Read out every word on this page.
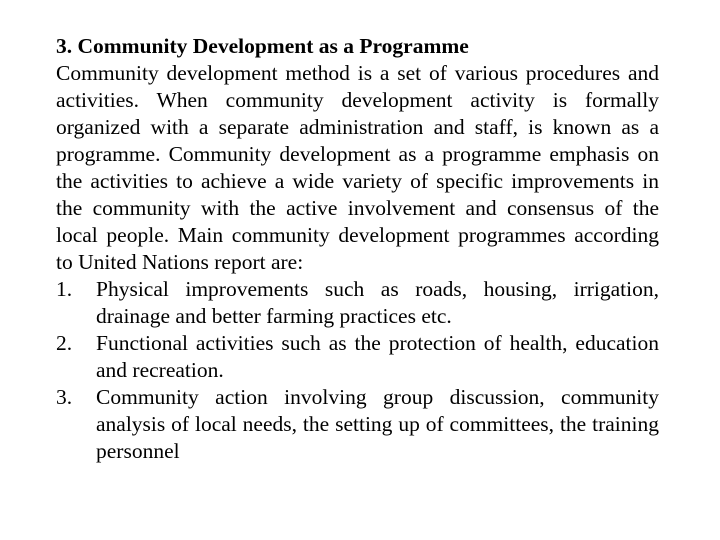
3. Community Development as a Programme

Community development method is a set of various procedures and activities. When community development activity is formally organized with a separate administration and staff, is known as a programme. Community development as a programme emphasis on the activities to achieve a wide variety of specific improvements in the community with the active involvement and consensus of the local people. Main community development programmes according to United Nations report are:

1.	Physical improvements such as roads, housing, irrigation, drainage and better farming practices etc.
2.	Functional activities such as the protection of health, education and recreation.
3.	Community action involving group discussion, community analysis of local needs, the setting up of committees, the training personnel
